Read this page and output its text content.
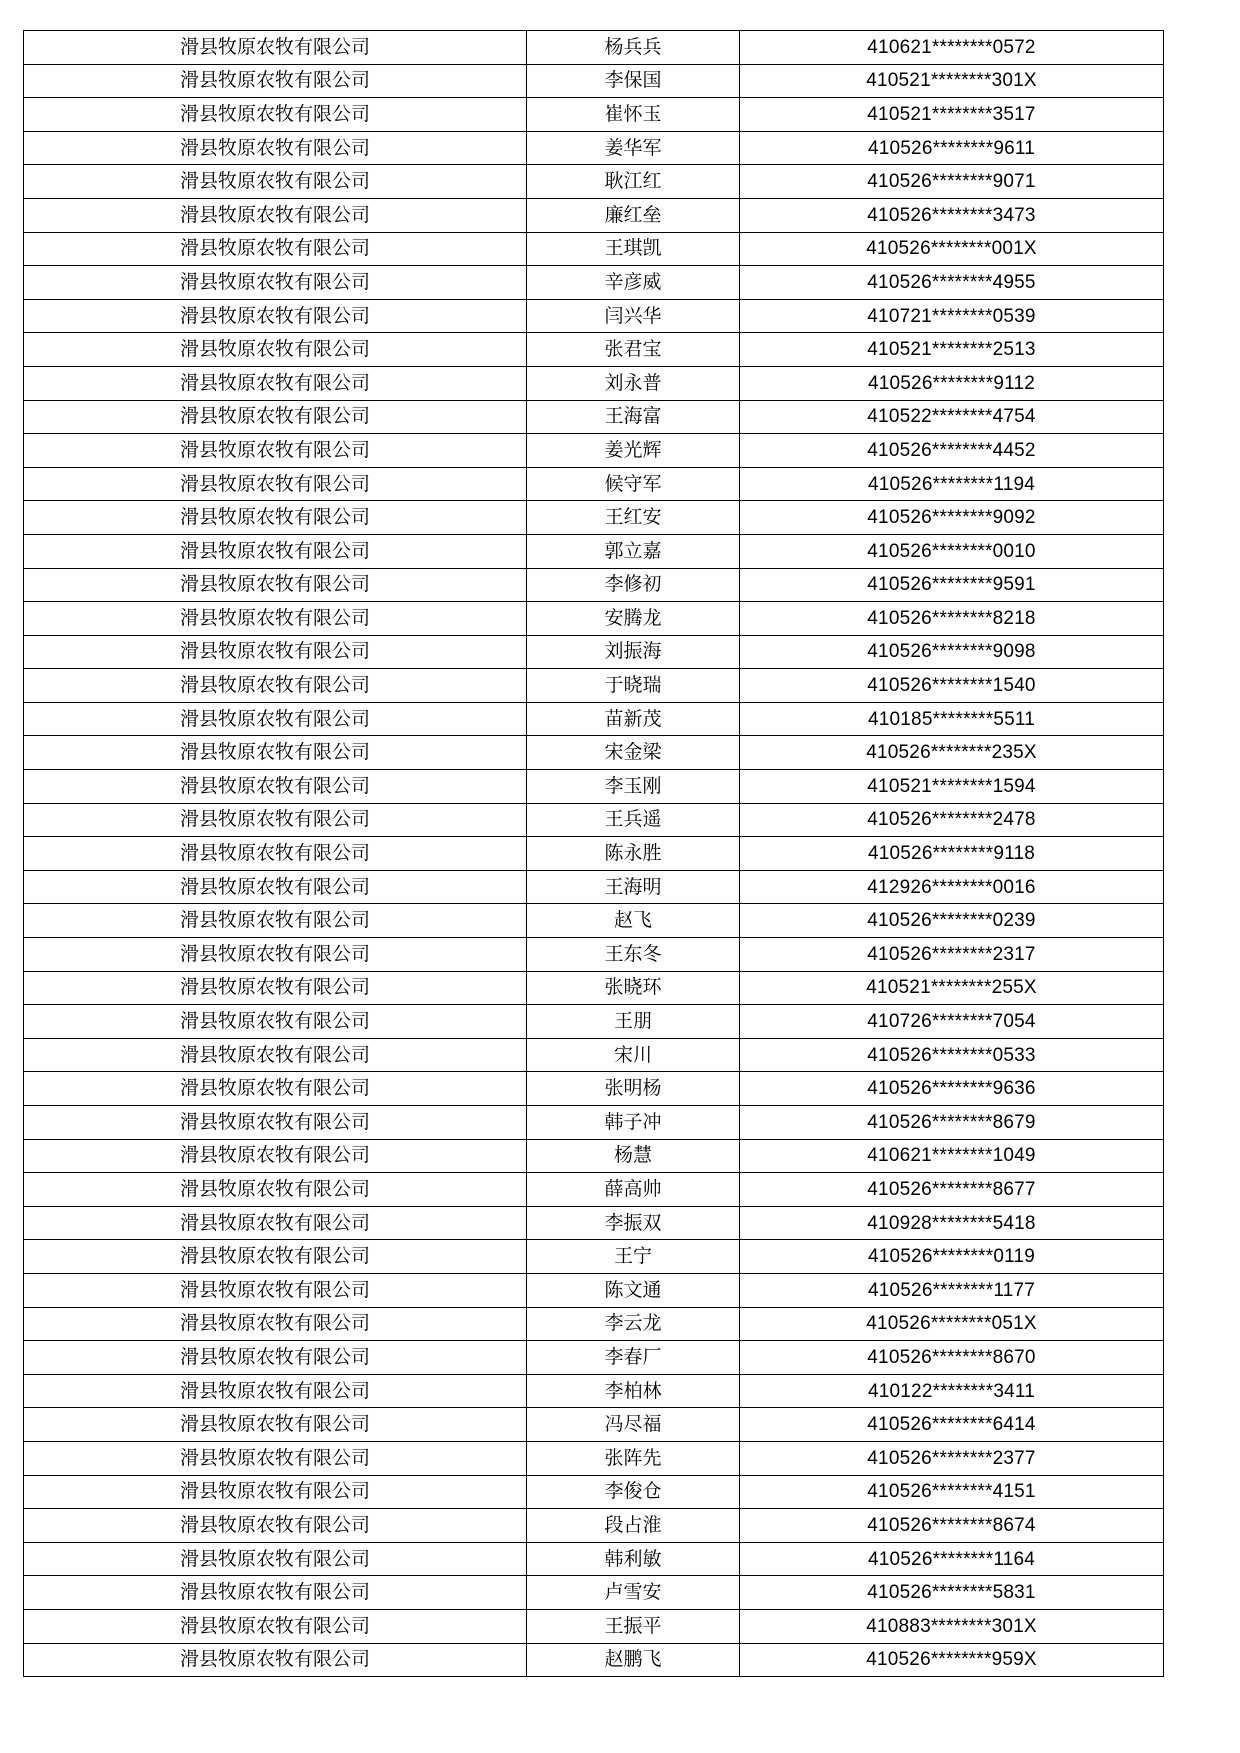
滑县牧原农牧有限公司	杨兵兵	410621********0572
滑县牧原农牧有限公司	李保国	410521********301X
滑县牧原农牧有限公司	崔怀玉	410521********3517
滑县牧原农牧有限公司	姜华军	410526********9611
滑县牧原农牧有限公司	耿江红	410526********9071
滑县牧原农牧有限公司	廉红垒	410526********3473
滑县牧原农牧有限公司	王琪凯	410526********001X
滑县牧原农牧有限公司	辛彦威	410526********4955
滑县牧原农牧有限公司	闫兴华	410721********0539
滑县牧原农牧有限公司	张君宝	410521********2513
滑县牧原农牧有限公司	刘永普	410526********9112
滑县牧原农牧有限公司	王海富	410522********4754
滑县牧原农牧有限公司	姜光辉	410526********4452
滑县牧原农牧有限公司	候守军	410526********1194
滑县牧原农牧有限公司	王红安	410526********9092
滑县牧原农牧有限公司	郭立嘉	410526********0010
滑县牧原农牧有限公司	李修初	410526********9591
滑县牧原农牧有限公司	安腾龙	410526********8218
滑县牧原农牧有限公司	刘振海	410526********9098
滑县牧原农牧有限公司	于晓瑞	410526********1540
滑县牧原农牧有限公司	苗新茂	410185********5511
滑县牧原农牧有限公司	宋金梁	410526********235X
滑县牧原农牧有限公司	李玉刚	410521********1594
滑县牧原农牧有限公司	王兵遥	410526********2478
滑县牧原农牧有限公司	陈永胜	410526********9118
滑县牧原农牧有限公司	王海明	412926********0016
滑县牧原农牧有限公司	赵飞	410526********0239
滑县牧原农牧有限公司	王东冬	410526********2317
滑县牧原农牧有限公司	张晓环	410521********255X
滑县牧原农牧有限公司	王朋	410726********7054
滑县牧原农牧有限公司	宋川	410526********0533
滑县牧原农牧有限公司	张明杨	410526********9636
滑县牧原农牧有限公司	韩子冲	410526********8679
滑县牧原农牧有限公司	杨慧	410621********1049
滑县牧原农牧有限公司	薛高帅	410526********8677
滑县牧原农牧有限公司	李振双	410928********5418
滑县牧原农牧有限公司	王宁	410526********0119
滑县牧原农牧有限公司	陈文通	410526********1177
滑县牧原农牧有限公司	李云龙	410526********051X
滑县牧原农牧有限公司	李春厂	410526********8670
滑县牧原农牧有限公司	李柏林	410122********3411
滑县牧原农牧有限公司	冯尽福	410526********6414
滑县牧原农牧有限公司	张阵先	410526********2377
滑县牧原农牧有限公司	李俊仓	410526********4151
滑县牧原农牧有限公司	段占淮	410526********8674
滑县牧原农牧有限公司	韩利敏	410526********1164
滑县牧原农牧有限公司	卢雪安	410526********5831
滑县牧原农牧有限公司	王振平	410883********301X
滑县牧原农牧有限公司	赵鹏飞	410526********959X
